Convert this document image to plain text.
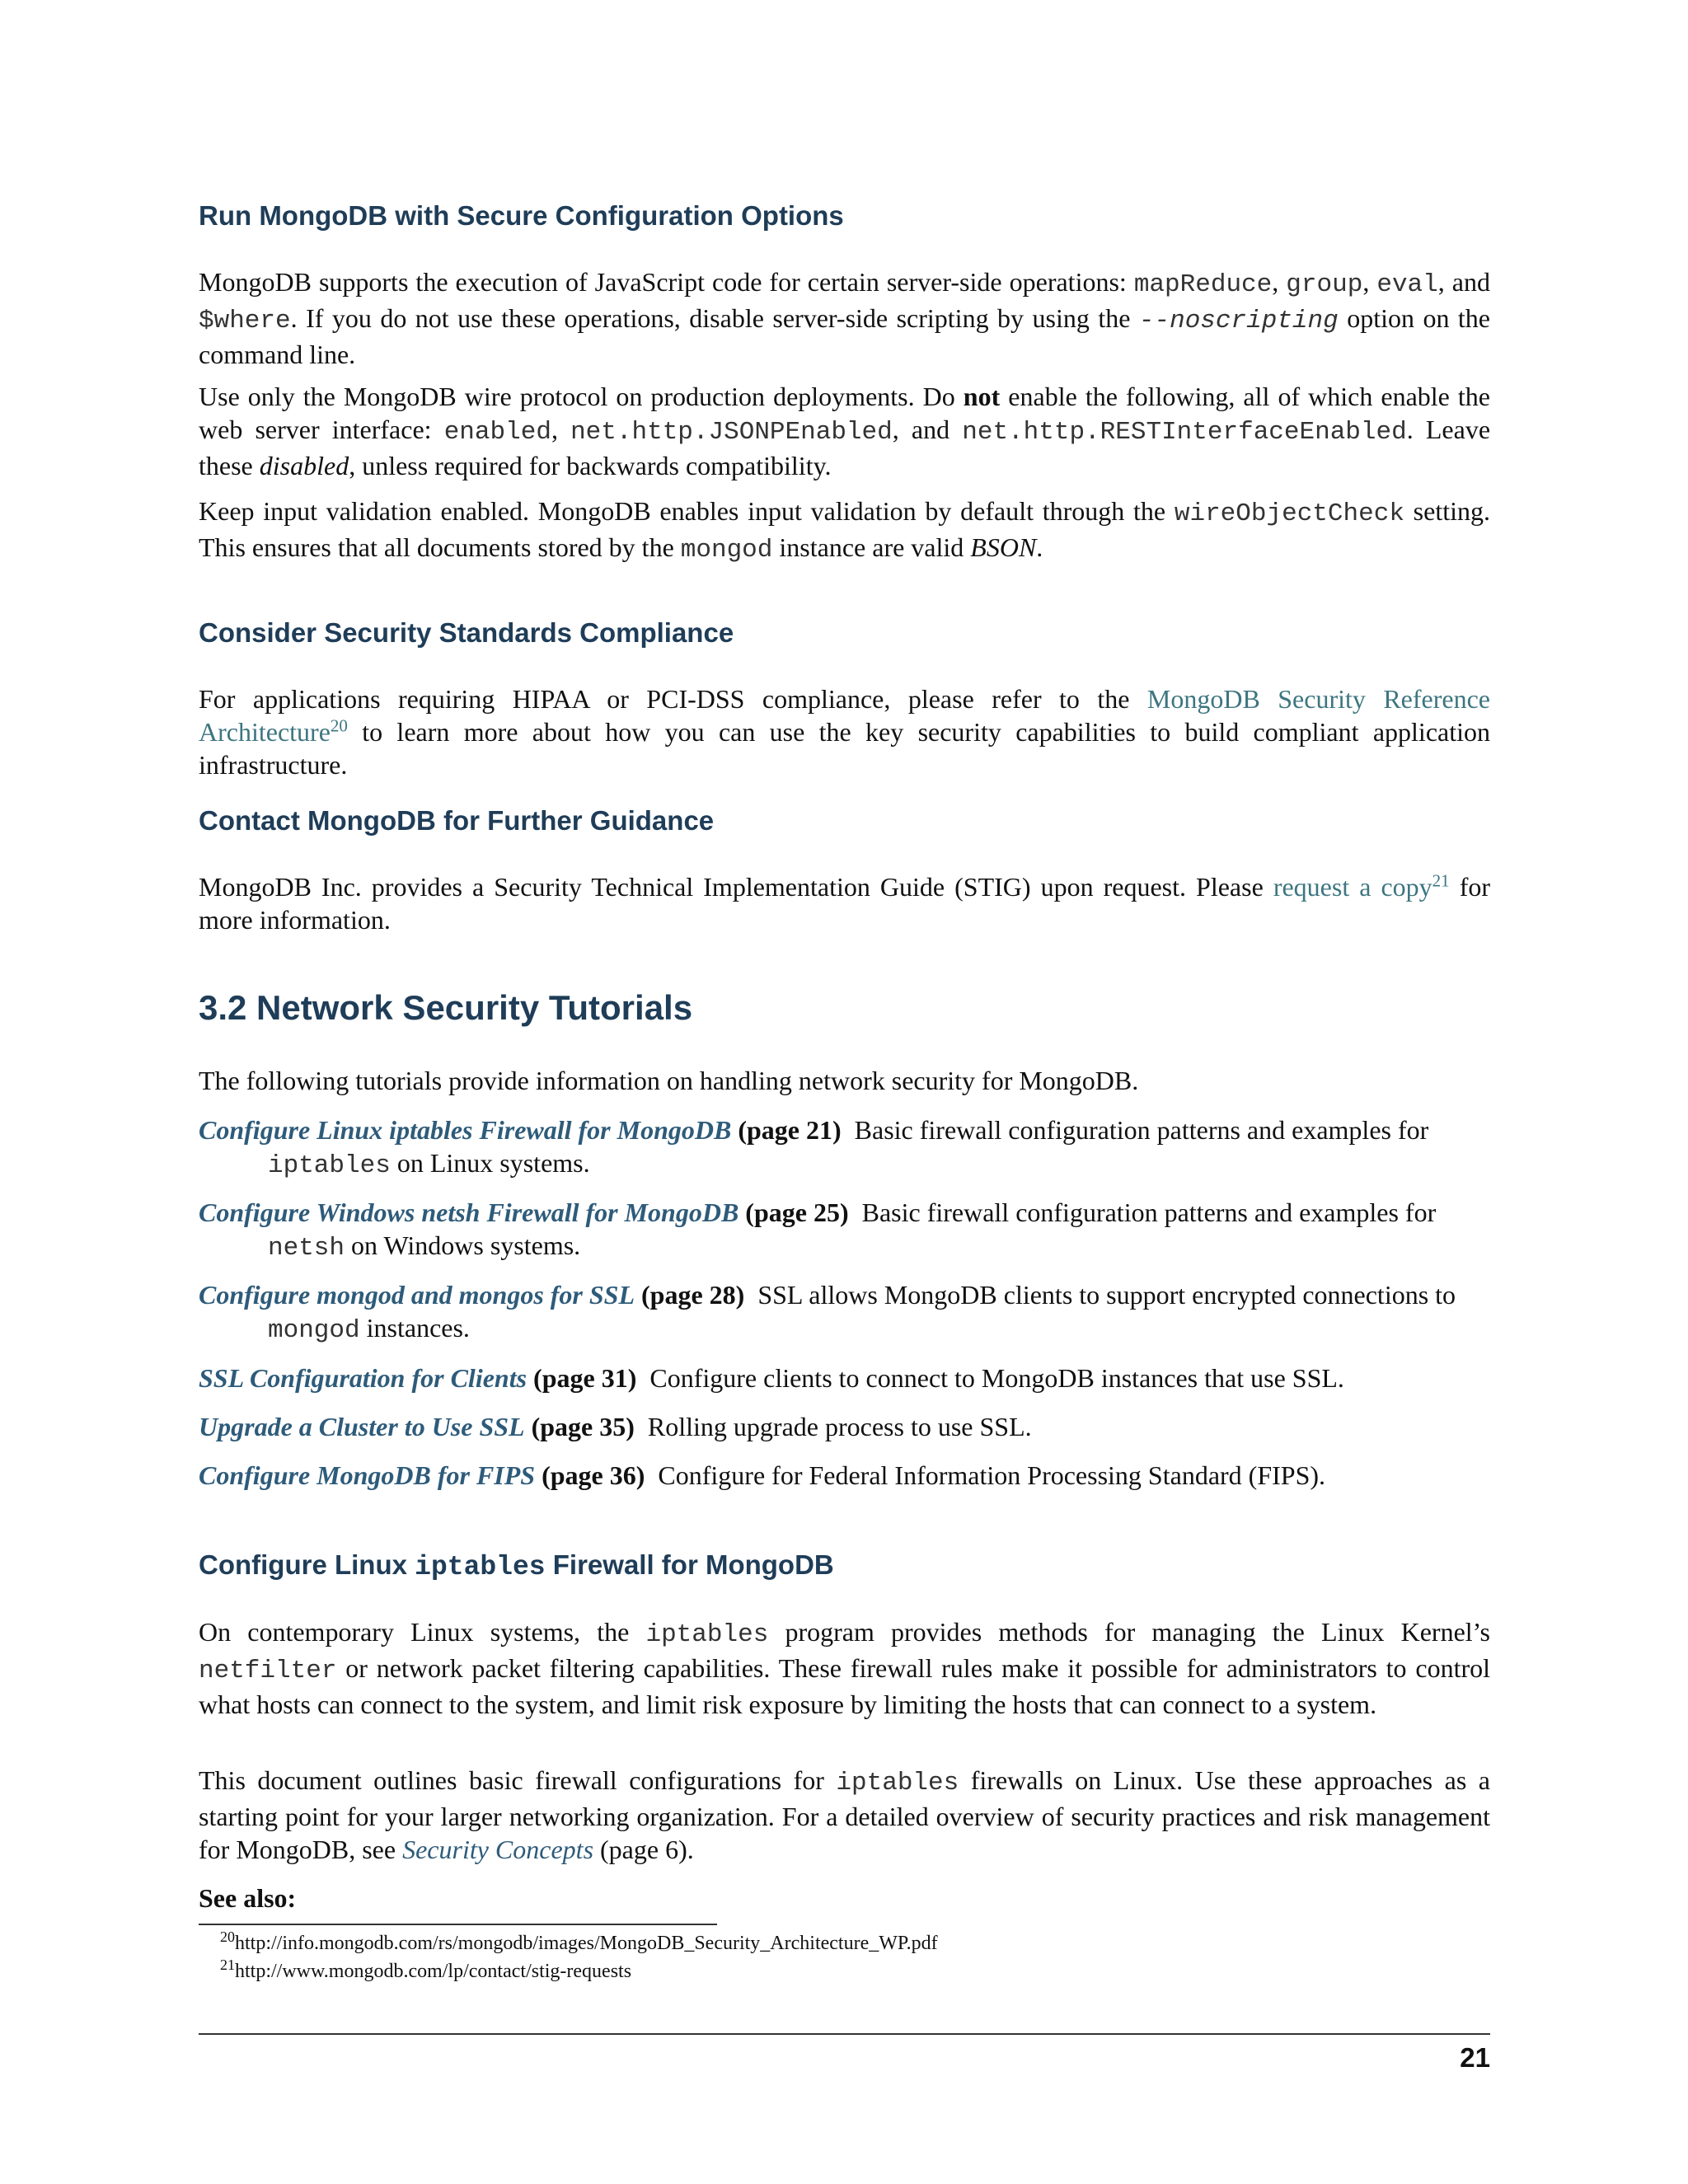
Run MongoDB with Secure Configuration Options

MongoDB supports the execution of JavaScript code for certain server-side operations: mapReduce, group, eval, and $where. If you do not use these operations, disable server-side scripting by using the --noscripting option on the command line.

Use only the MongoDB wire protocol on production deployments. Do not enable the following, all of which enable the web server interface: enabled, net.http.JSONPEnabled, and net.http.RESTInterfaceEnabled. Leave these disabled, unless required for backwards compatibility.

Keep input validation enabled. MongoDB enables input validation by default through the wireObjectCheck setting. This ensures that all documents stored by the mongod instance are valid BSON.

Consider Security Standards Compliance

For applications requiring HIPAA or PCI-DSS compliance, please refer to the MongoDB Security Reference Architecture$^{20}$ to learn more about how you can use the key security capabilities to build compliant application infrastructure.

Contact MongoDB for Further Guidance

MongoDB Inc. provides a Security Technical Implementation Guide (STIG) upon request. Please request a copy$^{21}$ for more information.

3.2 Network Security Tutorials

The following tutorials provide information on handling network security for MongoDB.

Configure Linux iptables Firewall for MongoDB (page 21) Basic firewall configuration patterns and examples for
iptables on Linux systems.
Configure Windows netsh Firewall for MongoDB (page 25) Basic firewall configuration patterns and examples for
netsh on Windows systems.
Configure mongod and mongos for SSL (page 28) SSL allows MongoDB clients to support encrypted connections to
mongod instances.
SSL Configuration for Clients (page 31) Configure clients to connect to MongoDB instances that use SSL.
Upgrade a Cluster to Use SSL (page 35) Rolling upgrade process to use SSL.
Configure MongoDB for FIPS (page 36) Configure for Federal Information Processing Standard (FIPS).
Configure Linux iptables Firewall for MongoDB

On contemporary Linux systems, the iptables program provides methods for managing the Linux Kernel’s netfilter or network packet filtering capabilities. These firewall rules make it possible for administrators to control what hosts can connect to the system, and limit risk exposure by limiting the hosts that can connect to a system.

This document outlines basic firewall configurations for iptables firewalls on Linux. Use these approaches as a starting point for your larger networking organization. For a detailed overview of security practices and risk management for MongoDB, see Security Concepts (page 6).

See also:

$^{20}$http://info.mongodb.com/rs/mongodb/images/MongoDB_Security_Architecture_WP.pdf

$^{21}$http://www.mongodb.com/lp/contact/stig-requests

21
